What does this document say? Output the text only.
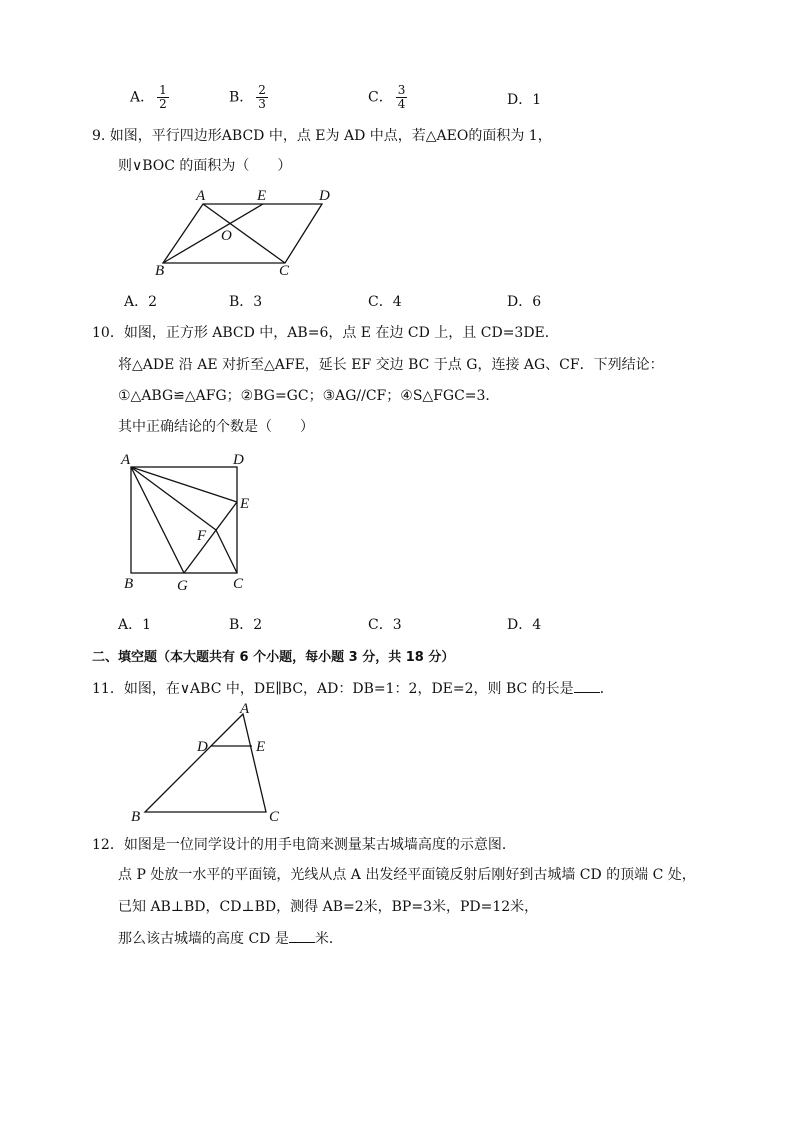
A． $\frac{1}{2}$	B． $\frac{2}{3}$	C． $\frac{3}{4}$	D．1
9. 如图，平行四边形ABCD 中，点 E为 AD 中点，若△AEO的面积为 1，
则∨BOC 的面积为（　　）
A	E	D
O
B	C
A．2	B．3	C．4	D．6
10．如图，正方形 ABCD 中，AB=6，点 E 在边 CD 上，且 CD=3DE．
将△ADE 沿 AE 对折至△AFE，延长 EF 交边 BC 于点 G，连接 AG、CF．下列结论：
①△ABG≌△AFG；②BG=GC；③AG//CF；④S△FGC=3．
其中正确结论的个数是（　　）
A	D
E
F
B	G	C
A．1	B．2	C．3	D．4
二、填空题（本大题共有 6 个小题，每小题 3 分，共 18 分）
11．如图，在∨ABC 中，DE∥BC，AD：DB=1：2，DE=2，则 BC 的长是 ．
A
D	E
B	C
12．如图是一位同学设计的用手电筒来测量某古城墙高度的示意图．
点 P 处放一水平的平面镜，光线从点 A 出发经平面镜反射后刚好到古城墙 CD 的顶端 C 处，
已知 AB⊥BD，CD⊥BD，测得 AB=2米，BP=3米，PD=12米，
那么该古城墙的高度 CD 是 米．
